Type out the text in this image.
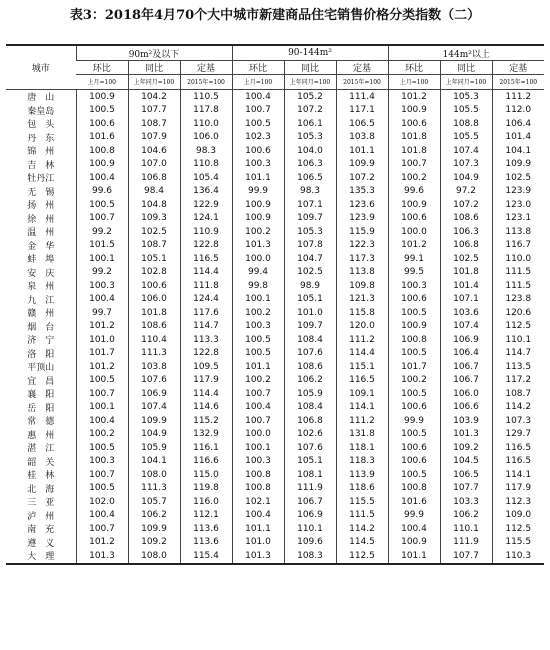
表3：2018年4月70个大中城市新建商品住宅销售价格分类指数（二）
城市	90m²及以下			90-144m²			144m²以上		
	环比	同比	定基	环比	同比	定基	环比	同比	定基
	上月=100	上年同月=100	2015年=100	上月=100	上年同月=100	2015年=100	上月=100	上年同月=100	2015年=100
唐　山	100.9	104.2	110.5	100.4	105.2	111.4	101.2	105.3	111.2
秦皇岛	100.5	107.7	117.8	100.7	107.2	117.1	100.9	105.5	112.0
包　头	100.6	108.7	110.0	100.5	106.1	106.5	100.6	108.8	106.4
丹　东	101.6	107.9	106.0	102.3	105.3	103.8	101.8	105.5	101.4
锦　州	100.8	104.6	98.3	100.6	104.0	101.1	101.8	107.4	104.1
吉　林	100.9	107.0	110.8	100.3	106.3	109.9	100.7	107.3	109.9
牡丹江	100.4	106.8	105.4	101.1	106.5	107.2	100.2	104.9	102.5
无　锡	99.6	98.4	136.4	99.9	98.3	135.3	99.6	97.2	123.9
扬　州	100.5	104.8	122.9	100.9	107.1	123.6	100.9	107.2	123.0
徐　州	100.7	109.3	124.1	100.9	109.7	123.9	100.6	108.6	123.1
温　州	99.2	102.5	110.9	100.2	105.3	115.9	100.0	106.3	113.8
金　华	101.5	108.7	122.8	101.3	107.8	122.3	101.2	106.8	116.7
蚌　埠	100.1	105.1	116.5	100.0	104.7	117.3	99.1	102.5	110.0
安　庆	99.2	102.8	114.4	99.4	102.5	113.8	99.5	101.8	111.5
泉　州	100.3	100.6	111.8	99.8	98.9	109.8	100.3	101.4	111.5
九　江	100.4	106.0	124.4	100.1	105.1	121.3	100.6	107.1	123.8
赣　州	99.7	101.8	117.6	100.2	101.0	115.8	100.5	103.6	120.6
烟　台	101.2	108.6	114.7	100.3	109.7	120.0	100.9	107.4	112.5
济　宁	101.0	110.4	113.3	100.5	108.4	111.2	100.8	106.9	110.1
洛　阳	101.7	111.3	122.8	100.5	107.6	114.4	100.5	106.4	114.7
平顶山	101.2	103.8	109.5	101.1	108.6	115.1	101.7	106.7	113.5
宜　昌	100.5	107.6	117.9	100.2	106.2	116.5	100.2	106.7	117.2
襄　阳	100.7	106.9	114.4	100.7	105.9	109.1	100.5	106.0	108.7
岳　阳	100.1	107.4	114.6	100.4	108.4	114.1	100.6	106.6	114.2
常　德	100.4	109.9	115.2	100.7	106.8	111.2	99.9	103.9	107.3
惠　州	100.2	104.9	132.9	100.0	102.6	131.8	100.5	101.3	129.7
湛　江	100.5	105.9	116.1	100.1	107.6	118.1	100.6	109.2	116.5
韶　关	100.3	104.1	116.6	100.3	105.1	118.3	100.6	104.5	116.5
桂　林	100.7	108.0	115.0	100.8	108.1	113.9	100.5	106.5	114.1
北　海	100.5	111.3	119.8	100.8	111.9	118.6	100.8	107.7	117.9
三　亚	102.0	105.7	116.0	102.1	106.7	115.5	101.6	103.3	112.3
泸　州	100.4	106.2	112.1	100.4	106.9	111.5	99.9	106.2	109.0
南　充	100.7	109.9	113.6	101.1	110.1	114.2	100.4	110.1	112.5
遵　义	101.2	109.2	113.6	101.0	109.6	114.5	100.9	111.9	115.5
大　理	101.3	108.0	115.4	101.3	108.3	112.5	101.1	107.7	110.3
